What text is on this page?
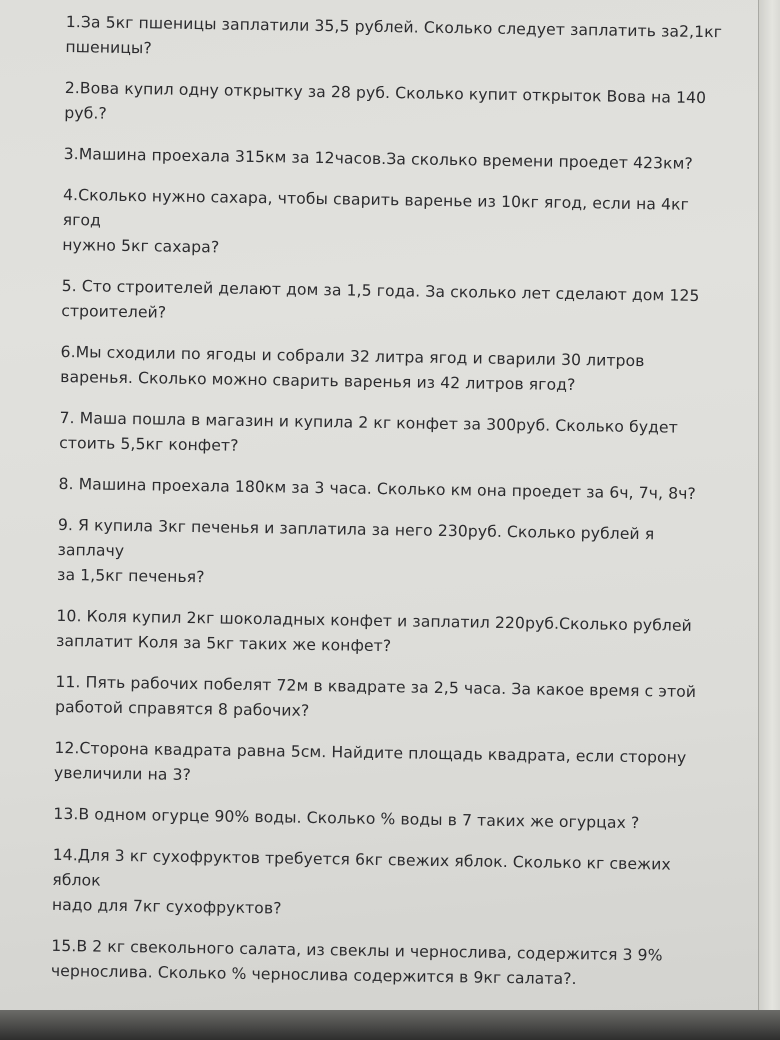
1.За 5кг пшеницы заплатили 35,5 рублей. Сколько следует заплатить за2,1кг
пшеницы?
2.Вова купил одну открытку за 28 руб. Сколько купит открыток Вова на 140
руб.?
3.Машина проехала 315км за 12часов.За сколько времени проедет 423км?
4.Сколько нужно сахара, чтобы сварить варенье из 10кг ягод, если на 4кг ягод
нужно 5кг сахара?
5. Сто строителей делают дом за 1,5 года. За сколько лет сделают дом 125
строителей?
6.Мы сходили по ягоды и собрали 32 литра ягод и сварили 30 литров
варенья. Сколько можно сварить варенья из 42 литров ягод?
7. Маша пошла в магазин и купила 2 кг конфет за 300руб. Сколько будет
стоить 5,5кг конфет?
8. Машина проехала 180км за 3 часа. Сколько км она проедет за 6ч, 7ч, 8ч?
9. Я купила 3кг печенья и заплатила за него 230руб. Сколько рублей я заплачу
за 1,5кг печенья?
10. Коля купил 2кг шоколадных конфет и заплатил 220руб.Сколько рублей
заплатит Коля за 5кг таких же конфет?
11. Пять рабочих побелят 72м в квадрате за 2,5 часа. За какое время с этой
работой справятся 8 рабочих?
12.Сторона квадрата равна 5см. Найдите площадь квадрата, если сторону
увеличили на 3?
13.В одном огурце 90% воды. Сколько % воды в 7 таких же огурцах ?
14.Для 3 кг сухофруктов требуется 6кг свежих яблок. Сколько кг свежих яблок
надо для 7кг сухофруктов?
15.В 2 кг свекольного салата, из свеклы и чернослива, содержится 3 9%
чернослива. Сколько % чернослива содержится в 9кг салата?.
